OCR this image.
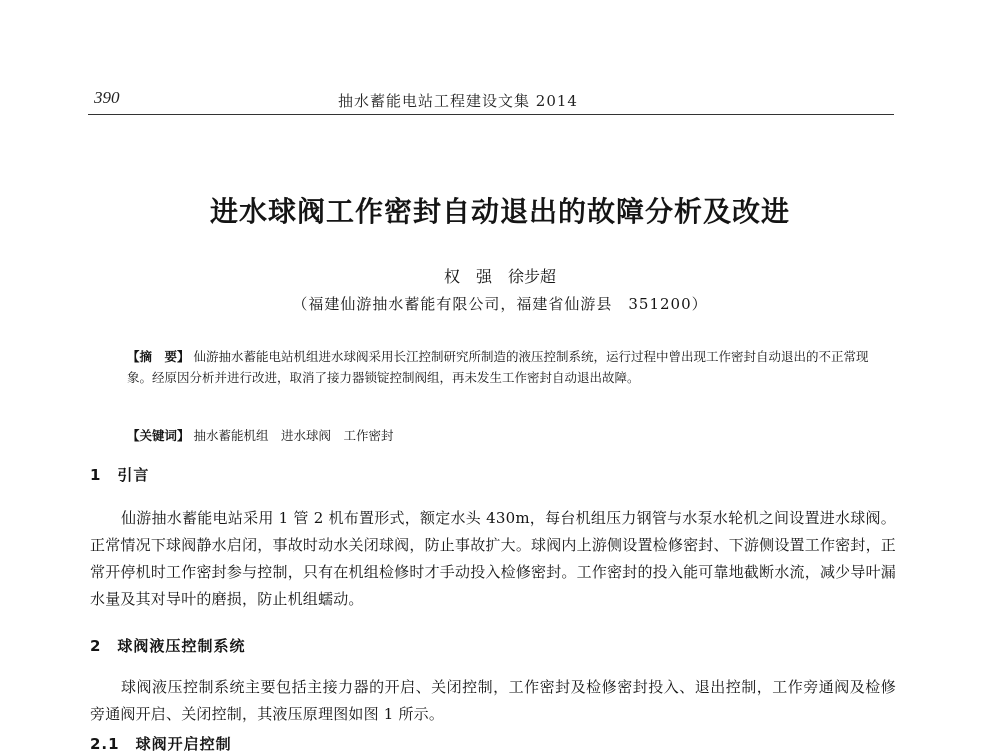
390	抽水蓄能电站工程建设文集 2014
进水球阀工作密封自动退出的故障分析及改进
权　强　徐步超
（福建仙游抽水蓄能有限公司，福建省仙游县　351200）
【摘　要】 仙游抽水蓄能电站机组进水球阀采用长江控制研究所制造的液压控制系统，运行过程中曾出现工作密封自动退出的不正常现象。经原因分析并进行改进，取消了接力器锁锭控制阀组，再未发生工作密封自动退出故障。
【关键词】 抽水蓄能机组　进水球阀　工作密封
1　引言
仙游抽水蓄能电站采用 1 管 2 机布置形式，额定水头 430m，每台机组压力钢管与水泵水轮机之间设置进水球阀。正常情况下球阀静水启闭，事故时动水关闭球阀，防止事故扩大。球阀内上游侧设置检修密封、下游侧设置工作密封，正常开停机时工作密封参与控制，只有在机组检修时才手动投入检修密封。工作密封的投入能可靠地截断水流，减少导叶漏水量及其对导叶的磨损，防止机组蠕动。
2　球阀液压控制系统
球阀液压控制系统主要包括主接力器的开启、关闭控制，工作密封及检修密封投入、退出控制，工作旁通阀及检修旁通阀开启、关闭控制，其液压原理图如图 1 所示。
2.1　球阀开启控制
